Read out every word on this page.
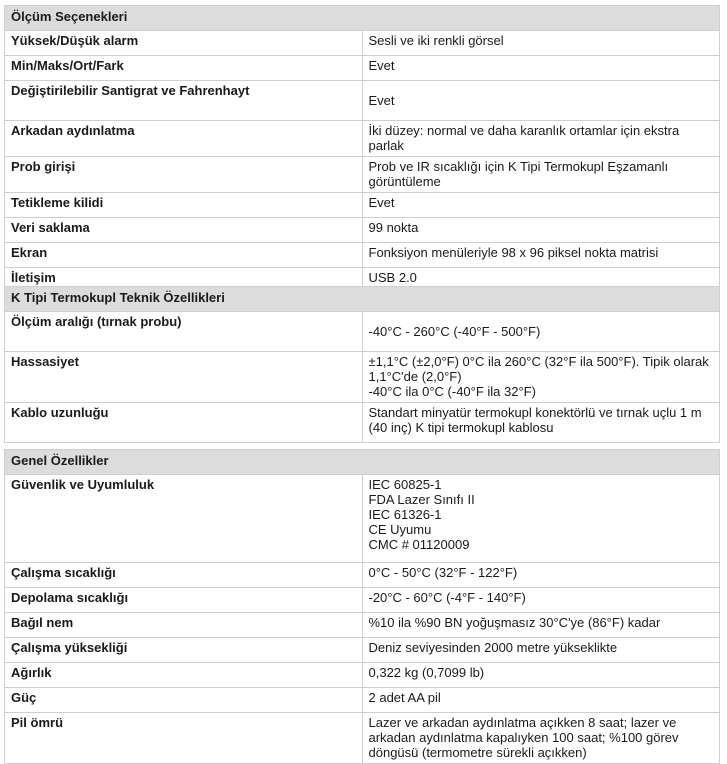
Ölçüm Seçenekleri	
Yüksek/Düşük alarm	Sesli ve iki renkli görsel
Min/Maks/Ort/Fark	Evet
Değiştirilebilir Santigrat ve Fahrenhayt	Evet
Arkadan aydınlatma	İki düzey: normal ve daha karanlık ortamlar için ekstra parlak
Prob girişi	Prob ve IR sıcaklığı için K Tipi Termokupl Eşzamanlı görüntüleme
Tetikleme kilidi	Evet
Veri saklama	99 nokta
Ekran	Fonksiyon menüleriyle 98 x 96 piksel nokta matrisi
İletişim	USB 2.0
K Tipi Termokupl Teknik Özellikleri	
Ölçüm aralığı (tırnak probu)	-40°C - 260°C (-40°F - 500°F)
Hassasiyet	±1,1°C (±2,0°F) 0°C ila 260°C (32°F ila 500°F). Tipik olarak 1,1°C'de (2,0°F)
-40°C ila 0°C (-40°F ila 32°F)
Kablo uzunluğu	Standart minyatür termokupl konektörlü ve tırnak uçlu 1 m (40 inç) K tipi termokupl kablosu
Genel Özellikler	
Güvenlik ve Uyumluluk	IEC 60825-1
FDA Lazer Sınıfı II
IEC 61326-1
CE Uyumu
CMC # 01120009
Çalışma sıcaklığı	0°C - 50°C (32°F - 122°F)
Depolama sıcaklığı	-20°C - 60°C (-4°F - 140°F)
Bağıl nem	%10 ila %90 BN yoğuşmasız 30°C'ye (86°F) kadar
Çalışma yüksekliği	Deniz seviyesinden 2000 metre yükseklikte
Ağırlık	0,322 kg (0,7099 lb)
Güç	2 adet AA pil
Pil ömrü	Lazer ve arkadan aydınlatma açıkken 8 saat; lazer ve arkadan aydınlatma kapalıyken 100 saat; %100 görev döngüsü (termometre sürekli açıkken)
